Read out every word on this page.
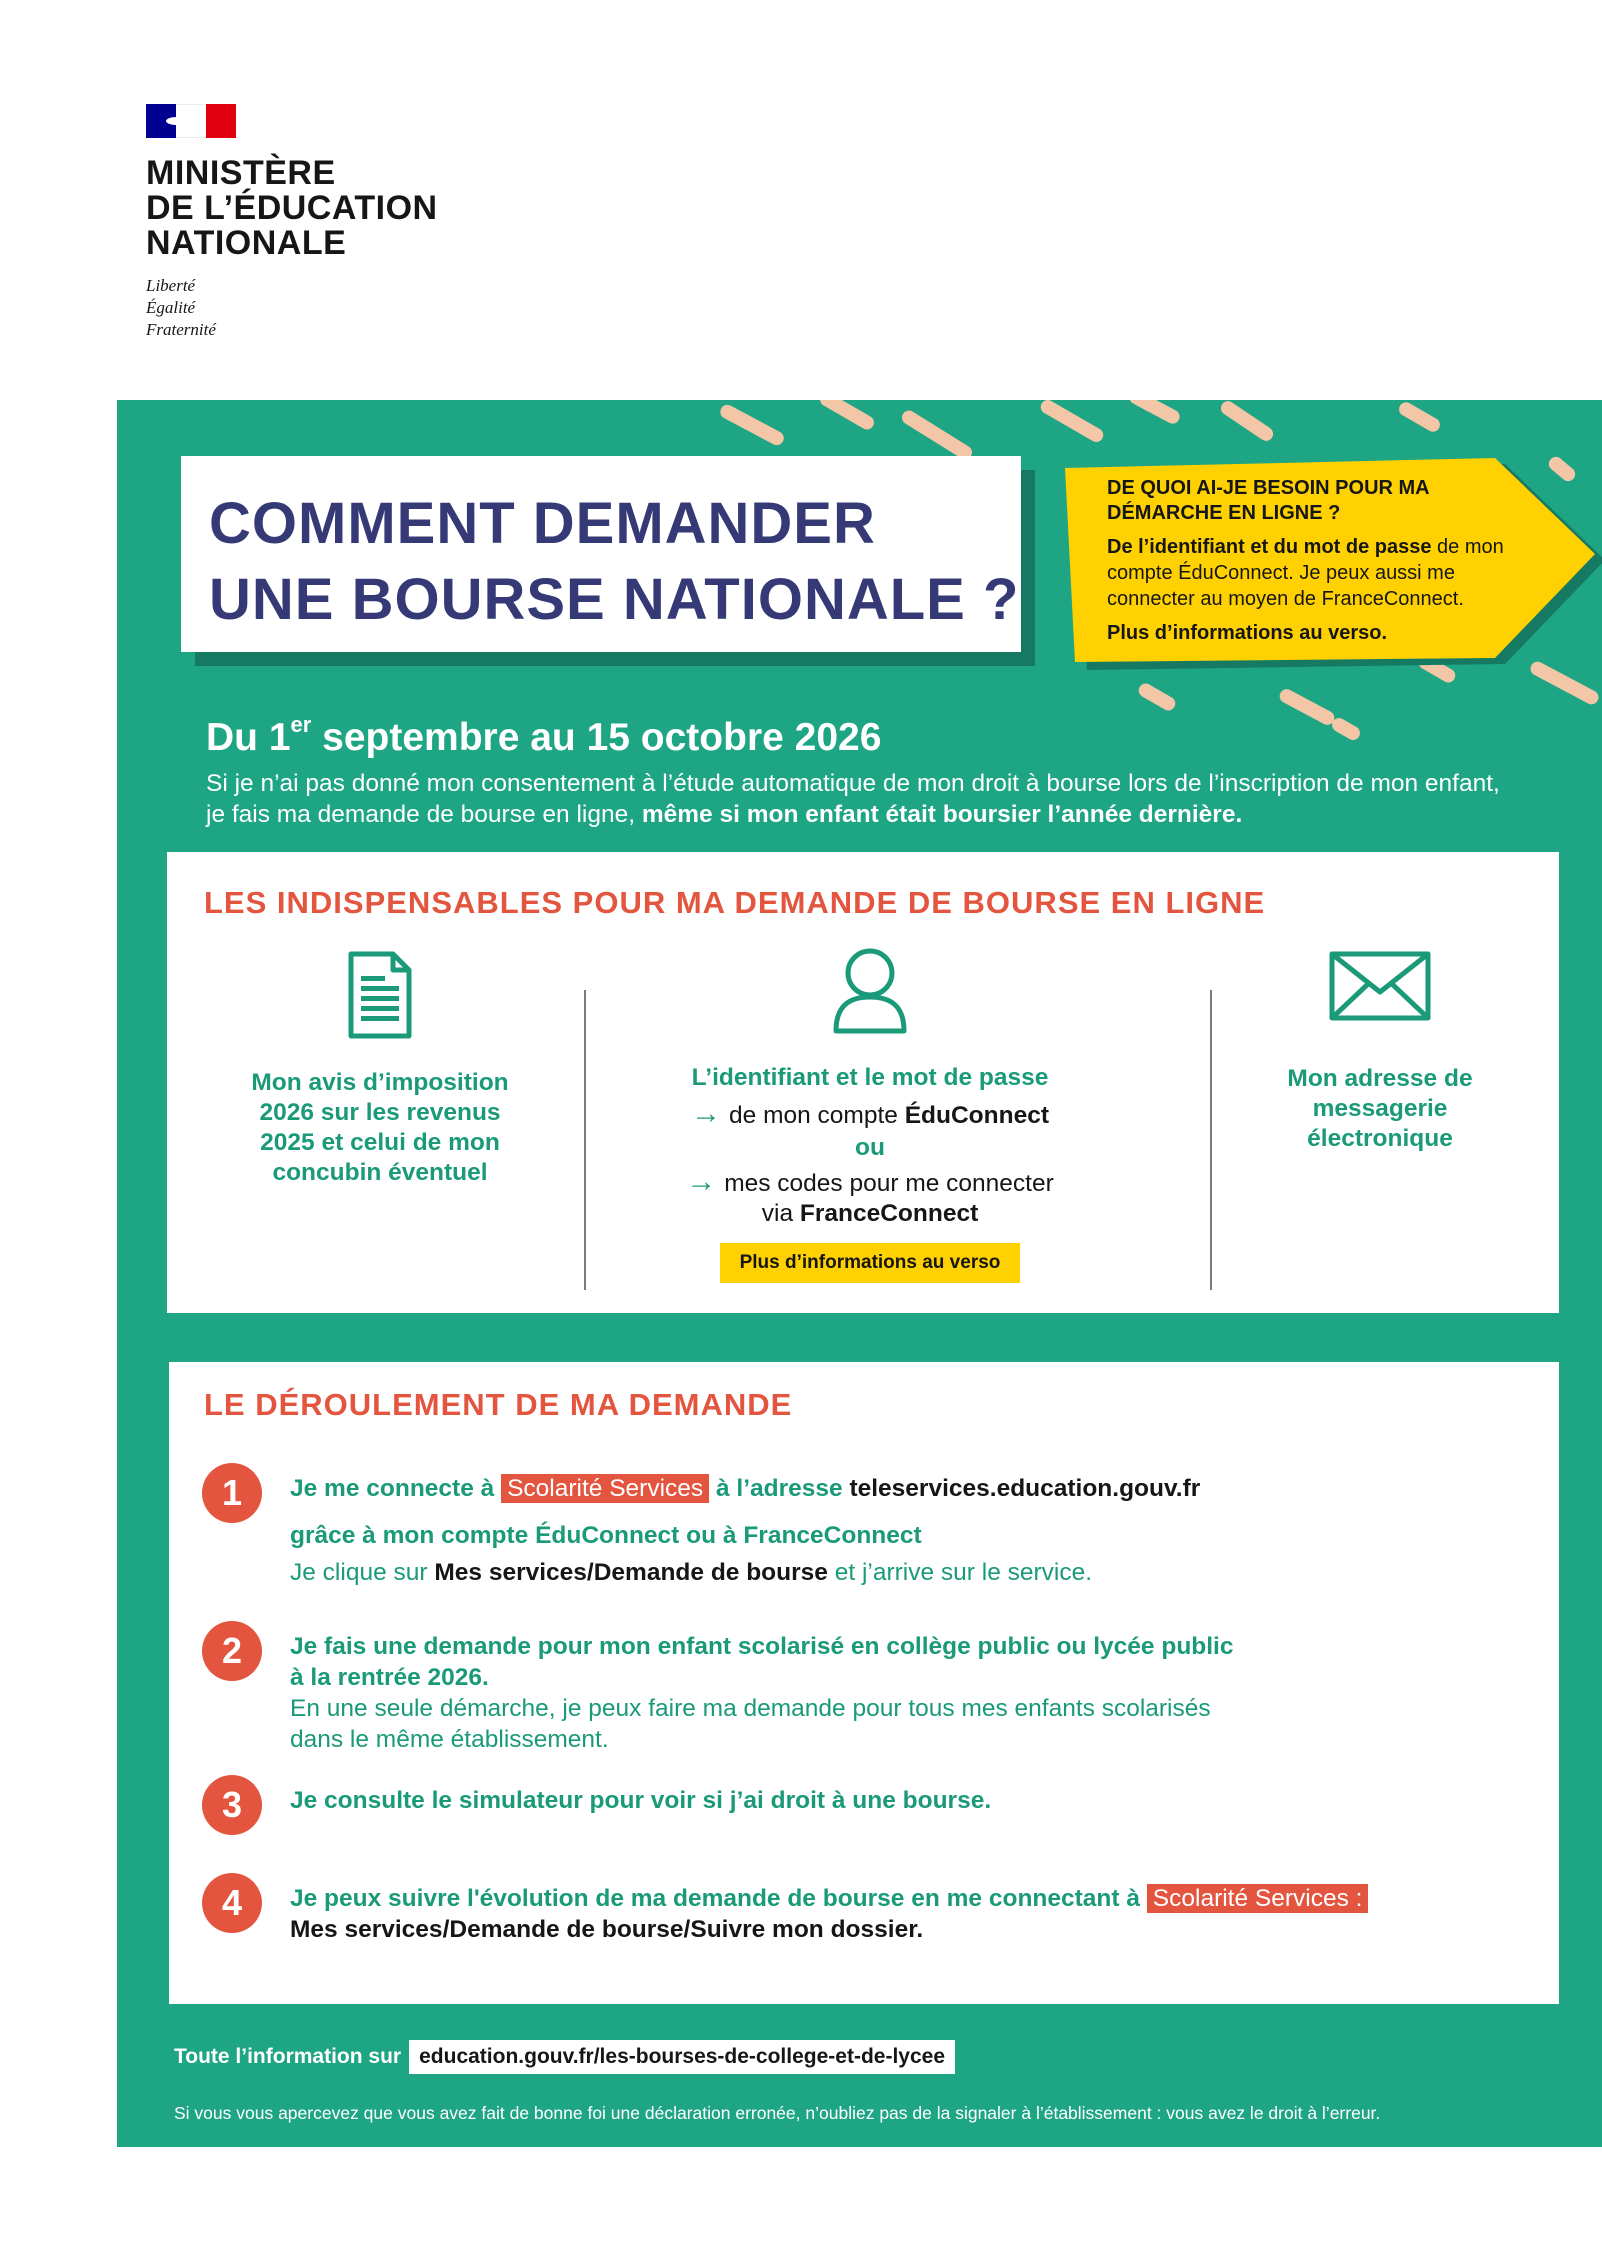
MINISTÈRE
DE L’ÉDUCATION
NATIONALE
Liberté
Égalité
Fraternité
COMMENT DEMANDER
UNE BOURSE NATIONALE ?
DE QUOI AI-JE BESOIN POUR MA DÉMARCHE EN LIGNE ?

De l’identifiant et du mot de passe de mon compte ÉduConnect. Je peux aussi me connecter au moyen de FranceConnect.

Plus d’informations au verso.

Du 1er septembre au 15 octobre 2026
Si je n’ai pas donné mon consentement à l’étude automatique de mon droit à bourse lors de l’inscription de mon enfant, je fais ma demande de bourse en ligne, même si mon enfant était boursier l’année dernière.
LES INDISPENSABLES POUR MA DEMANDE DE BOURSE EN LIGNE
Mon avis d’imposition 2026 sur les revenus 2025 et celui de mon concubin éventuel
L’identifiant et le mot de passe
→ de mon compte ÉduConnect
ou
→ mes codes pour me connecter
via FranceConnect
Plus d’informations au verso
Mon adresse de messagerie électronique
LE DÉROULEMENT DE MA DEMANDE
1	Je me connecte à Scolarité Services à l’adresse teleservices.education.gouv.fr
grâce à mon compte ÉduConnect ou à FranceConnect
Je clique sur Mes services/Demande de bourse et j’arrive sur le service.
2	Je fais une demande pour mon enfant scolarisé en collège public ou lycée public
à la rentrée 2026.
En une seule démarche, je peux faire ma demande pour tous mes enfants scolarisés
dans le même établissement.
3	Je consulte le simulateur pour voir si j’ai droit à une bourse.
4	Je peux suivre l'évolution de ma demande de bourse en me connectant à Scolarité Services :
Mes services/Demande de bourse/Suivre mon dossier.
Toute l’information sur education.gouv.fr/les-bourses-de-college-et-de-lycee
Si vous vous apercevez que vous avez fait de bonne foi une déclaration erronée, n’oubliez pas de la signaler à l’établissement : vous avez le droit à l’erreur.
